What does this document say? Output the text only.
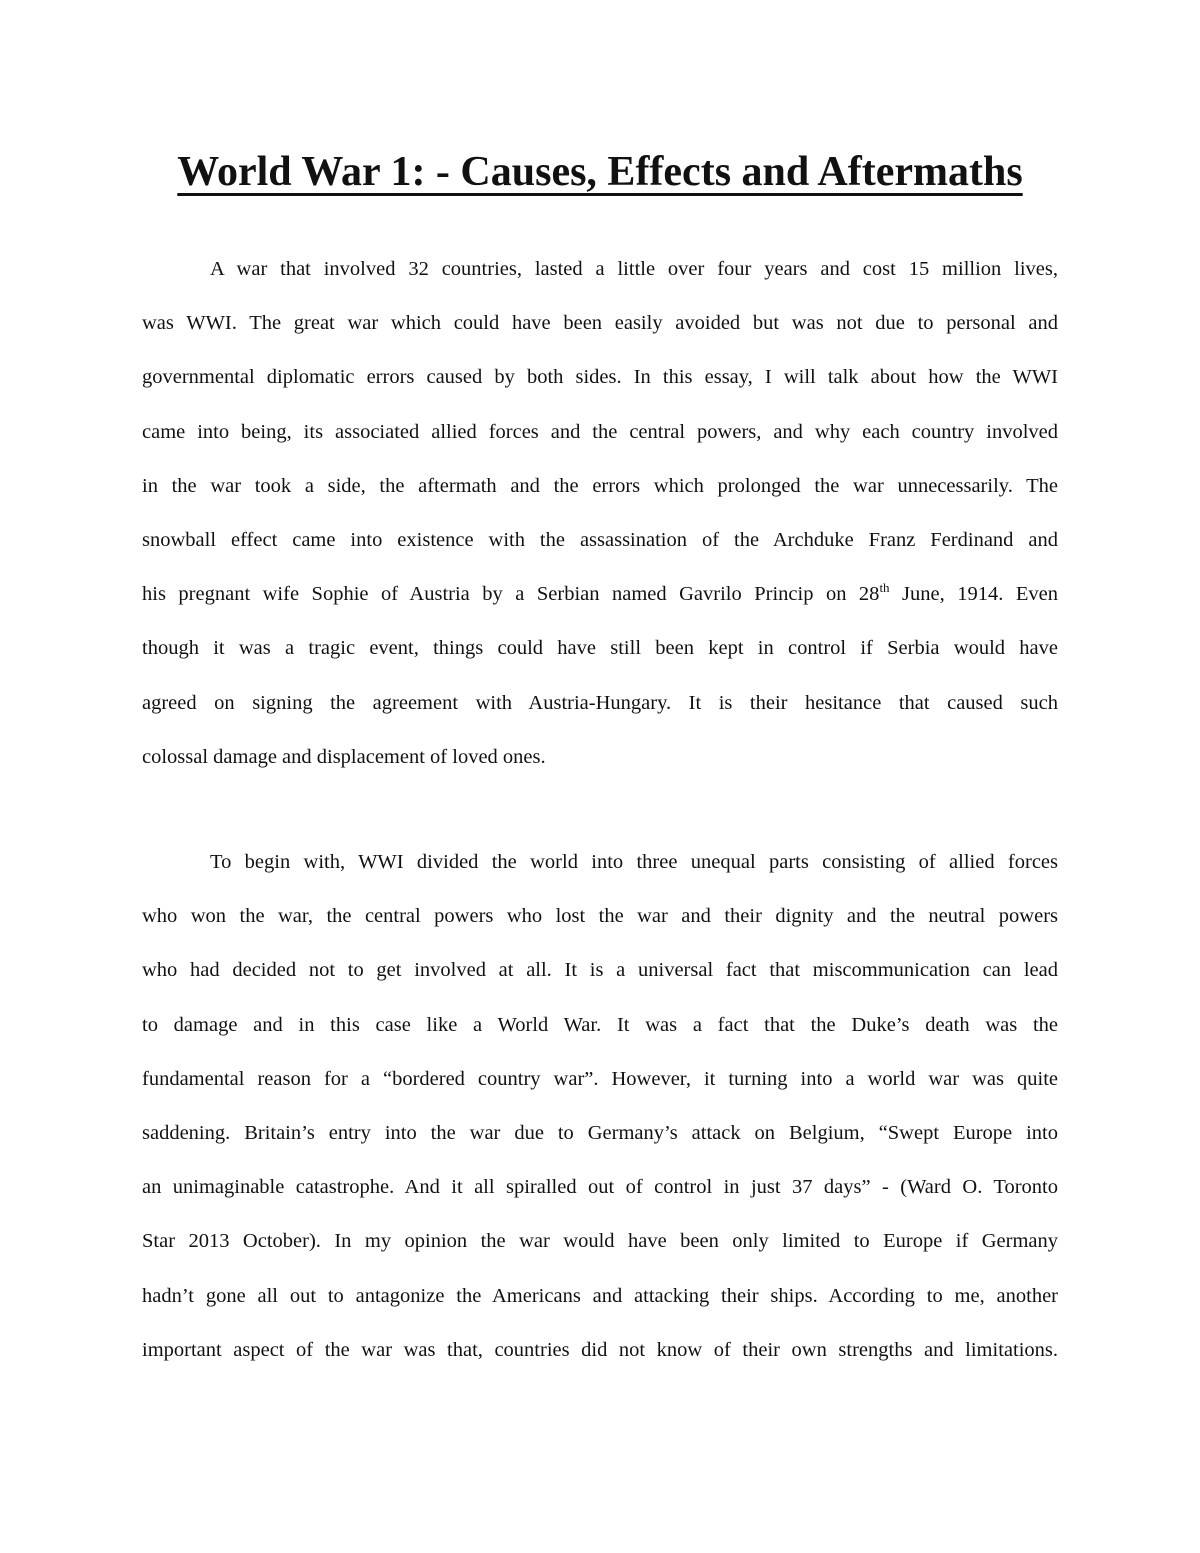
World War 1: - Causes, Effects and Aftermaths
A war that involved 32 countries, lasted a little over four years and cost 15 million lives,
was WWI. The great war which could have been easily avoided but was not due to personal and
governmental diplomatic errors caused by both sides. In this essay, I will talk about how the WWI
came into being, its associated allied forces and the central powers, and why each country involved
in the war took a side, the aftermath and the errors which prolonged the war unnecessarily. The
snowball effect came into existence with the assassination of the Archduke Franz Ferdinand and
his pregnant wife Sophie of Austria by a Serbian named Gavrilo Princip on 28th June, 1914. Even
though it was a tragic event, things could have still been kept in control if Serbia would have
agreed on signing the agreement with Austria-Hungary. It is their hesitance that caused such
colossal damage and displacement of loved ones.
To begin with, WWI divided the world into three unequal parts consisting of allied forces
who won the war, the central powers who lost the war and their dignity and the neutral powers
who had decided not to get involved at all. It is a universal fact that miscommunication can lead
to damage and in this case like a World War. It was a fact that the Duke’s death was the
fundamental reason for a “bordered country war”. However, it turning into a world war was quite
saddening. Britain’s entry into the war due to Germany’s attack on Belgium, “Swept Europe into
an unimaginable catastrophe. And it all spiralled out of control in just 37 days” - (Ward O. Toronto
Star 2013 October). In my opinion the war would have been only limited to Europe if Germany
hadn’t gone all out to antagonize the Americans and attacking their ships. According to me, another
important aspect of the war was that, countries did not know of their own strengths and limitations.
